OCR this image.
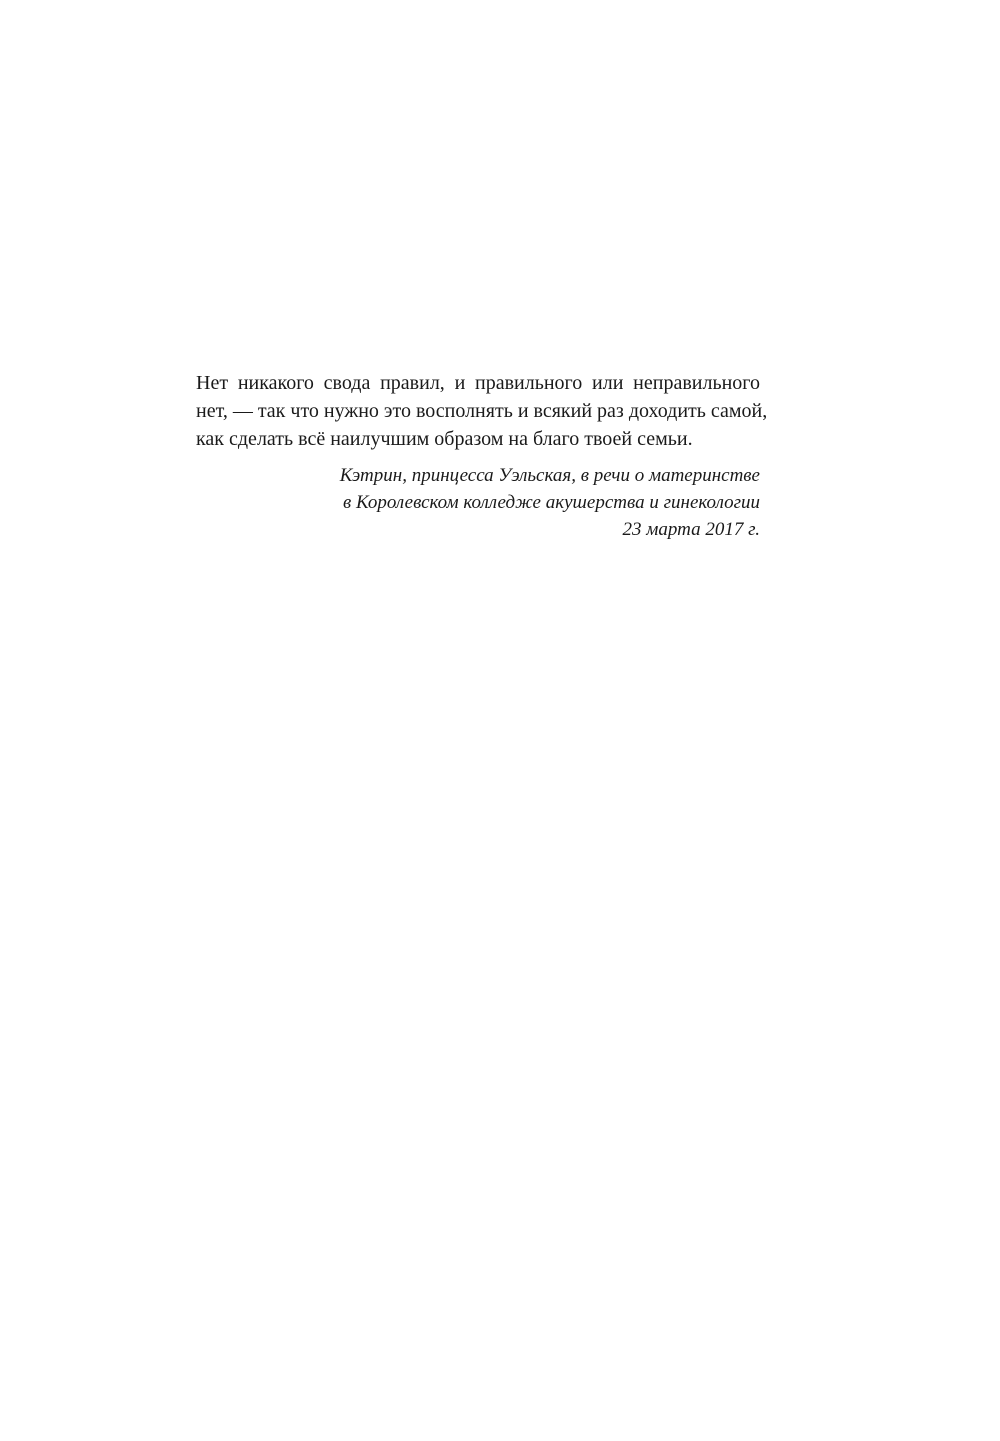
Нет никакого свода правил, и правильного или неправильного

нет, — так что нужно это восполнять и всякий раз доходить самой,

как сделать всё наилучшим образом на благо твоей семьи.

Кэтрин, принцесса Уэльская, в речи о материнстве
в Королевском колледже акушерства и гинекологии
23 марта 2017 г.
